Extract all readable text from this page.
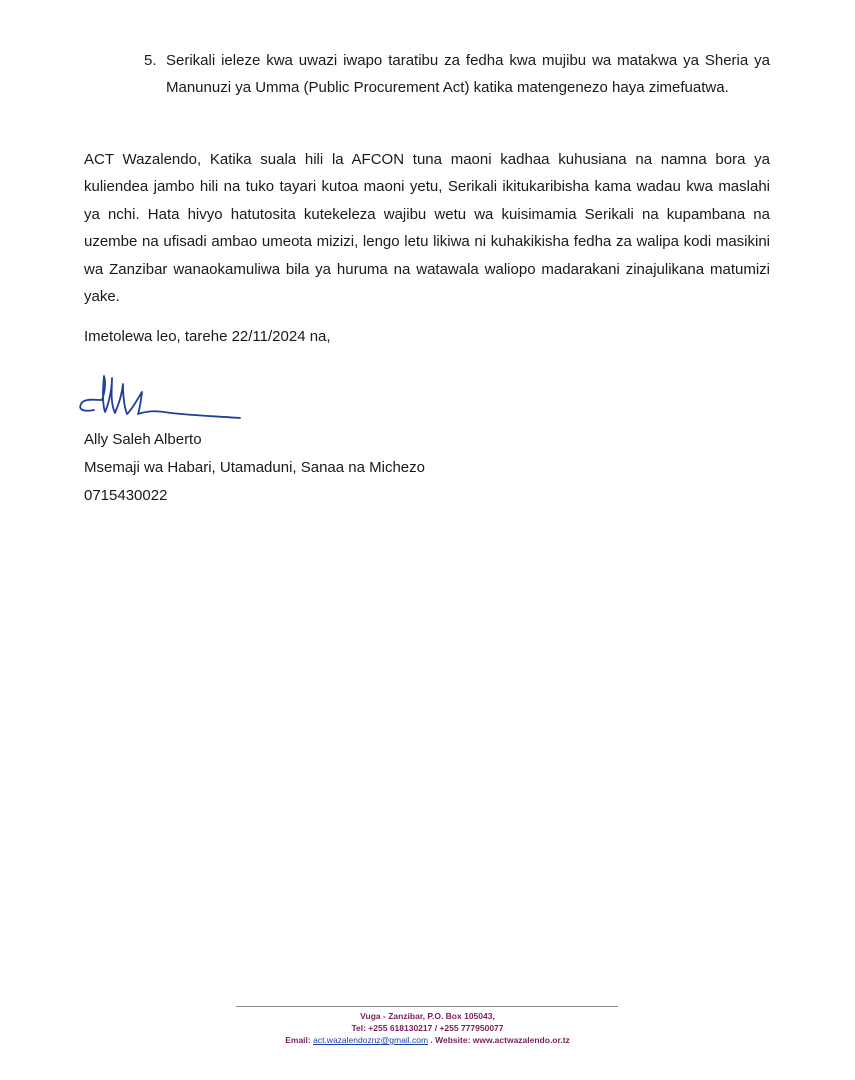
5. Serikali ieleze kwa uwazi iwapo taratibu za fedha kwa mujibu wa matakwa ya Sheria ya Manunuzi ya Umma (Public Procurement Act) katika matengenezo haya zimefuatwa.
ACT Wazalendo, Katika suala hili la AFCON tuna maoni kadhaa kuhusiana na namna bora ya kuliendea jambo hili na tuko tayari kutoa maoni yetu, Serikali ikitukaribisha kama wadau kwa maslahi ya nchi. Hata hivyo hatutosita kutekeleza wajibu wetu wa kuisimamia Serikali na kupambana na uzembe na ufisadi ambao umeota mizizi, lengo letu likiwa ni kuhakikisha fedha za walipa kodi masikini wa Zanzibar wanaokamuliwa bila ya huruma na watawala waliopo madarakani zinajulikana matumizi yake.
Imetolewa leo, tarehe 22/11/2024 na,
Ally Saleh Alberto
Msemaji wa Habari, Utamaduni, Sanaa na Michezo
0715430022
Vuga - Zanzibar, P.O. Box 105043,
Tel: +255 618130217 / +255 777950077
Email: act.wazalendoznz@gmail.com . Website: www.actwazalendo.or.tz
